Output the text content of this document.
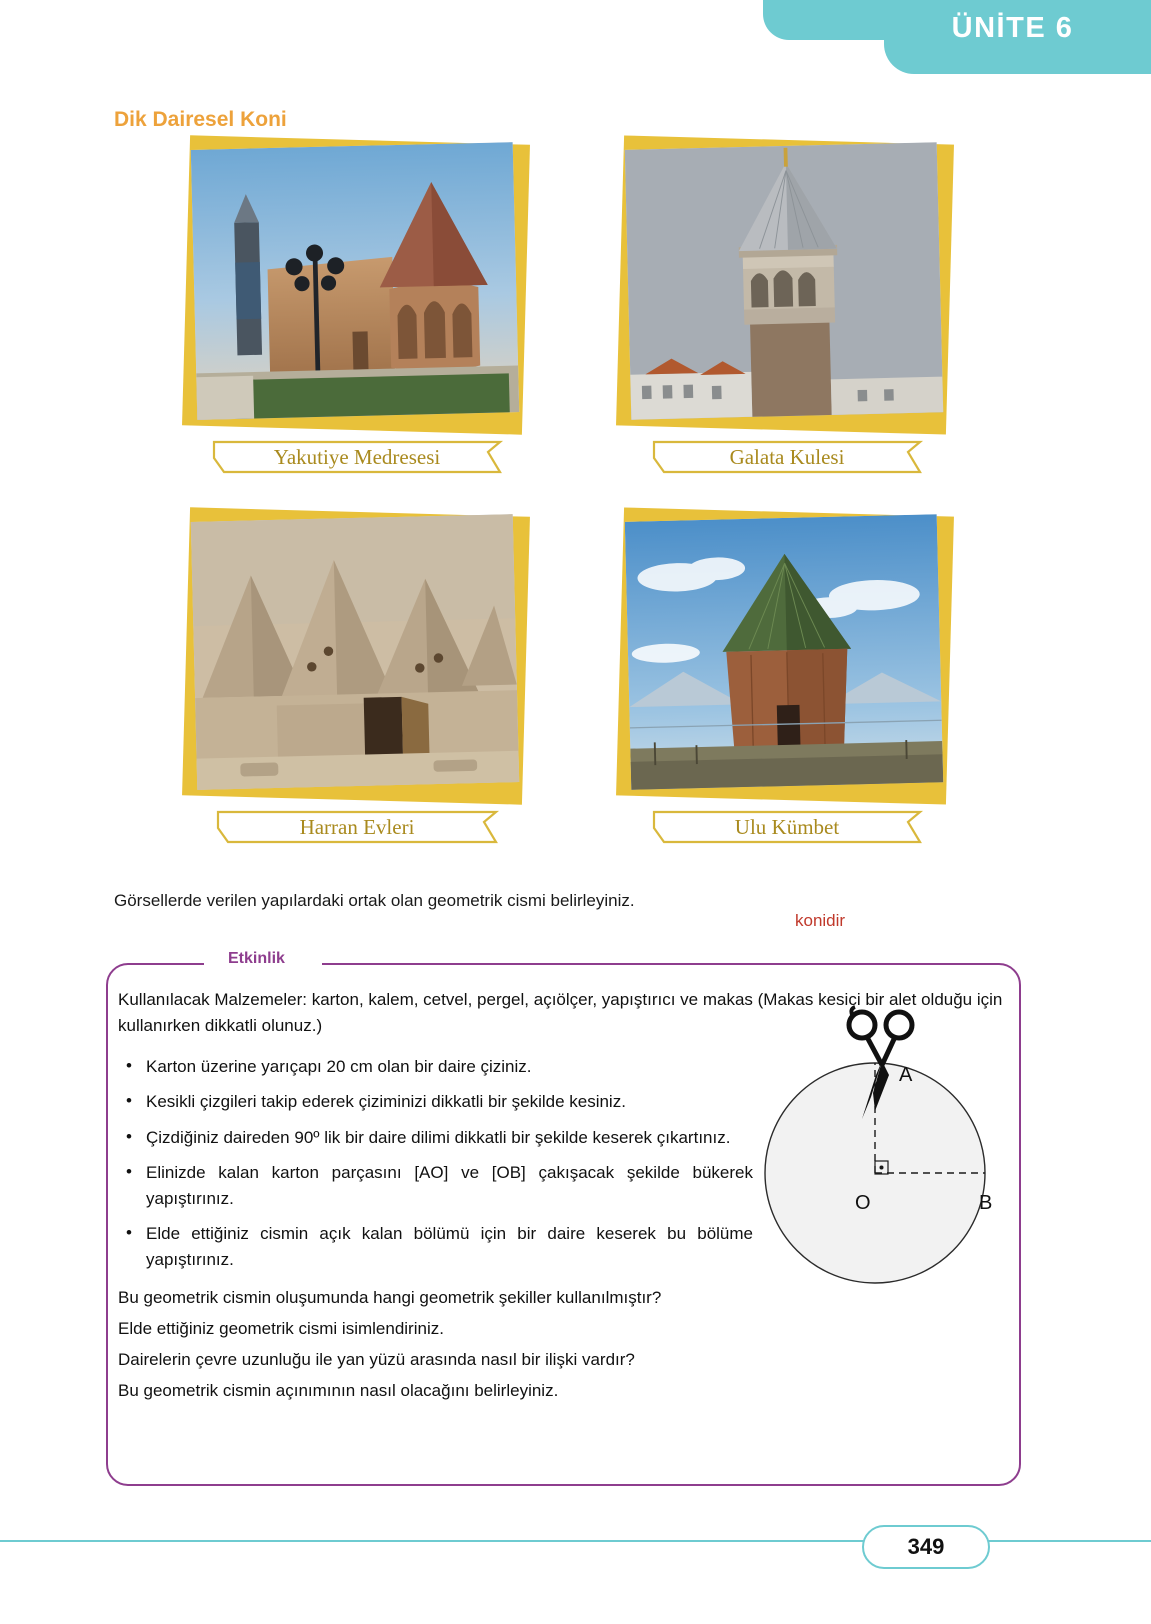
ÜNİTE 6
Dik Dairesel Koni
Yakutiye Medresesi	Galata Kulesi
Harran Evleri	Ulu Kümbet
Görsellerde verilen yapılardaki ortak olan geometrik cismi belirleyiniz.
konidir
Etkinlik

Kullanılacak Malzemeler: karton, kalem, cetvel, pergel, açıölçer, yapıştırıcı ve makas (Makas kesici bir alet olduğu için kullanırken dikkatli olunuz.)

• Karton üzerine yarıçapı 20 cm olan bir daire çiziniz.
• Kesikli çizgileri takip ederek çiziminizi dikkatli bir şekilde kesiniz.
• Çizdiğiniz daireden 90º lik bir daire dilimi dikkatli bir şekilde keserek çıkartınız.
• Elinizde kalan karton parçasını [AO] ve [OB] çakışacak şekilde bükerek yapıştırınız.
• Elde ettiğiniz cismin açık kalan bölümü için bir daire keserek bu bölüme yapıştırınız.

Bu geometrik cismin oluşumunda hangi geometrik şekiller kullanılmıştır?

Elde ettiğiniz geometrik cismi isimlendiriniz.

Dairelerin çevre uzunluğu ile yan yüzü arasında nasıl bir ilişki vardır?

Bu geometrik cismin açınımının nasıl olacağını belirleyiniz.

A
O	B
349
